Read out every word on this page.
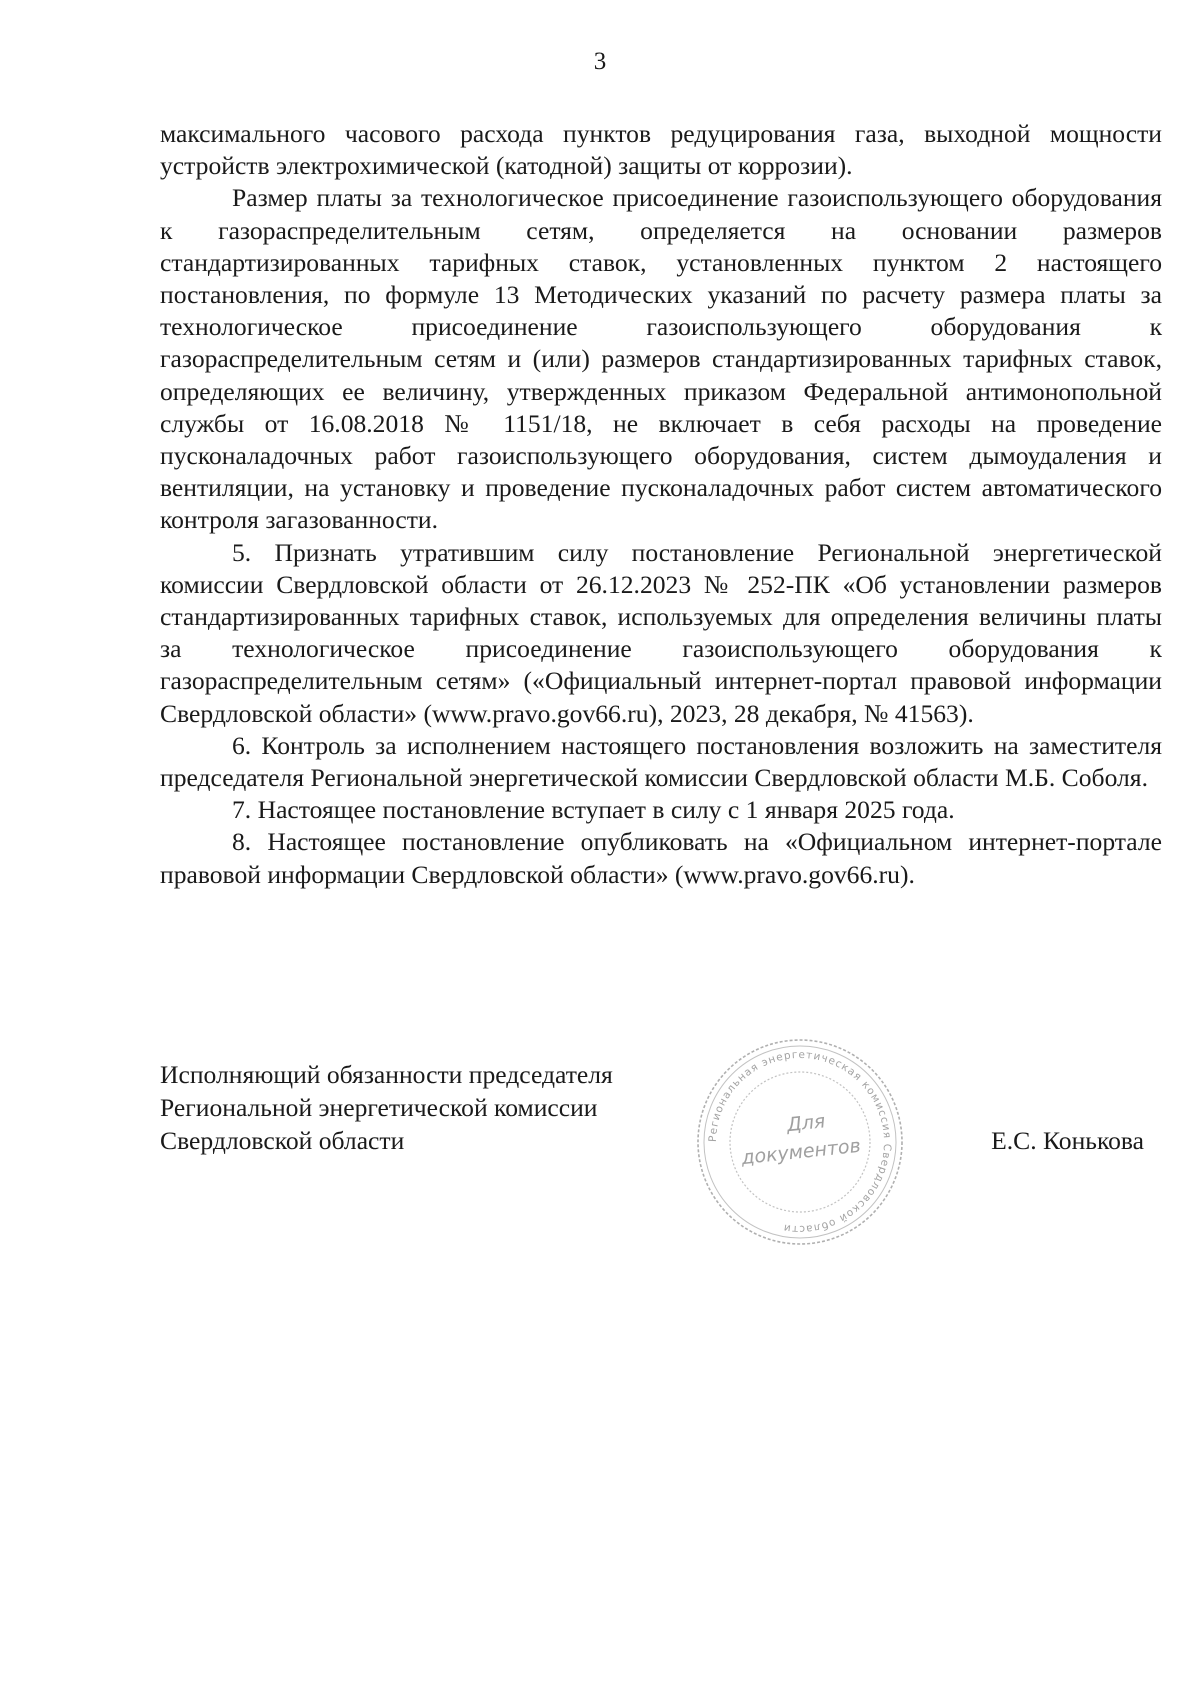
3

максимального часового расхода пунктов редуцирования газа, выходной мощности устройств электрохимической (катодной) защиты от коррозии).

Размер платы за технологическое присоединение газоиспользующего оборудования к газораспределительным сетям, определяется на основании размеров стандартизированных тарифных ставок, установленных пунктом 2 настоящего постановления, по формуле 13 Методических указаний по расчету размера платы за технологическое присоединение газоиспользующего оборудования к газораспределительным сетям и (или) размеров стандартизированных тарифных ставок, определяющих ее величину, утвержденных приказом Федеральной антимонопольной службы от 16.08.2018 № 1151/18, не включает в себя расходы на проведение пусконаладочных работ газоиспользующего оборудования, систем дымоудаления и вентиляции, на установку и проведение пусконаладочных работ систем автоматического контроля загазованности.

5. Признать утратившим силу постановление Региональной энергетической комиссии Свердловской области от 26.12.2023 № 252-ПК «Об установлении размеров стандартизированных тарифных ставок, используемых для определения величины платы за технологическое присоединение газоиспользующего оборудования к газораспределительным сетям» («Официальный интернет-портал правовой информации Свердловской области» (www.pravo.gov66.ru), 2023, 28 декабря, № 41563).

6. Контроль за исполнением настоящего постановления возложить на заместителя председателя Региональной энергетической комиссии Свердловской области М.Б. Соболя.

7. Настоящее постановление вступает в силу с 1 января 2025 года.

8. Настоящее постановление опубликовать на «Официальном интернет-портале правовой информации Свердловской области» (www.pravo.gov66.ru).

Исполняющий обязанности председателя
Региональной энергетической комиссии
Свердловской области	Региональная энергетическая комиссия Свердловской области
Для
документов	Е.С. Конькова
